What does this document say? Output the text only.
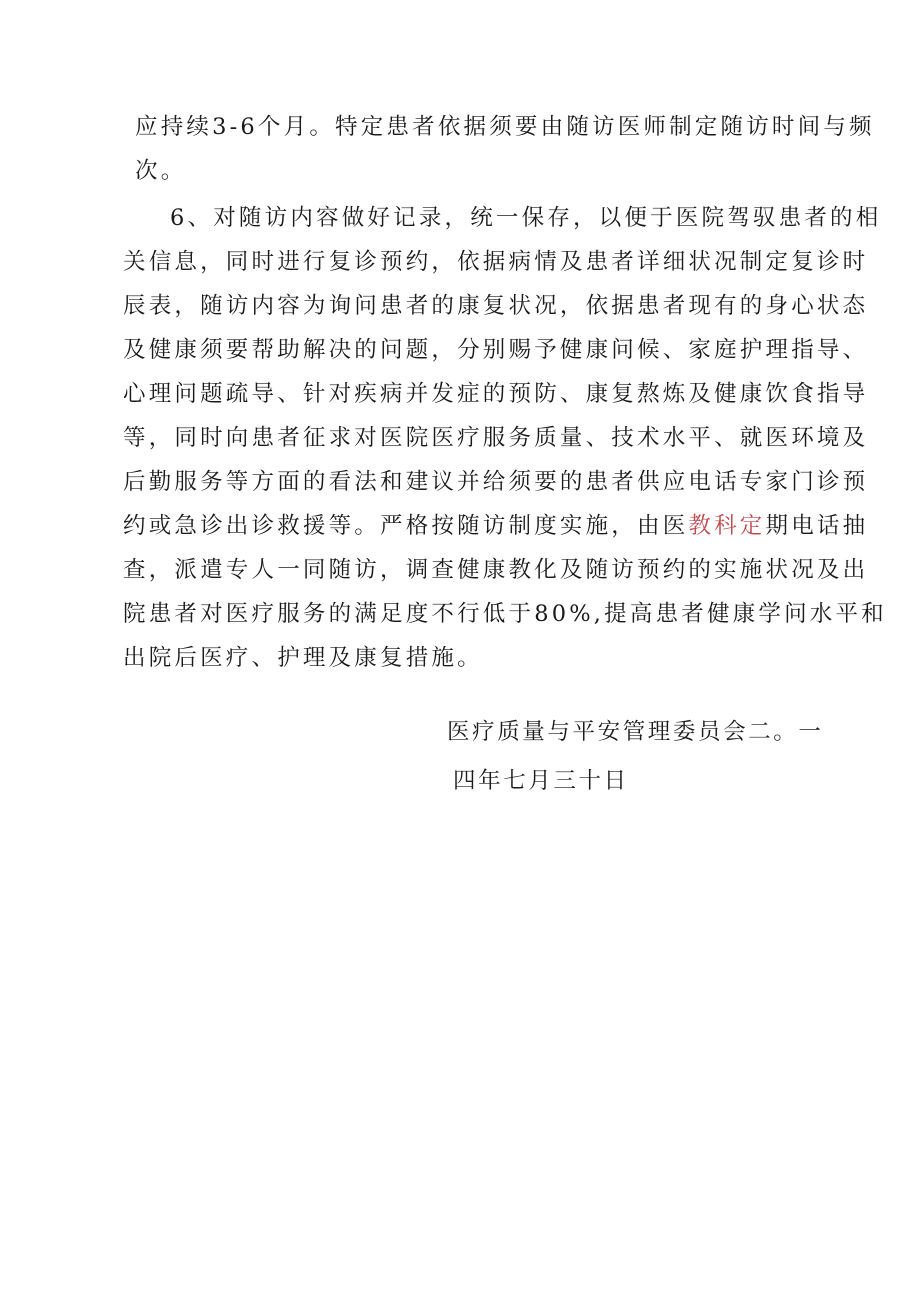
应持续3-6个月。特定患者依据须要由随访医师制定随访时间与频
次。
6、对随访内容做好记录，统一保存，以便于医院驾驭患者的相
关信息，同时进行复诊预约，依据病情及患者详细状况制定复诊时
辰表，随访内容为询问患者的康复状况，依据患者现有的身心状态
及健康须要帮助解决的问题，分别赐予健康问候、家庭护理指导、
心理问题疏导、针对疾病并发症的预防、康复熬炼及健康饮食指导
等，同时向患者征求对医院医疗服务质量、技术水平、就医环境及
后勤服务等方面的看法和建议并给须要的患者供应电话专家门诊预
约或急诊出诊救援等。严格按随访制度实施，由医教科定期电话抽
查，派遣专人一同随访，调查健康教化及随访预约的实施状况及出
院患者对医疗服务的满足度不行低于80%,提高患者健康学问水平和
出院后医疗、护理及康复措施。
医疗质量与平安管理委员会二。一
四年七月三十日
